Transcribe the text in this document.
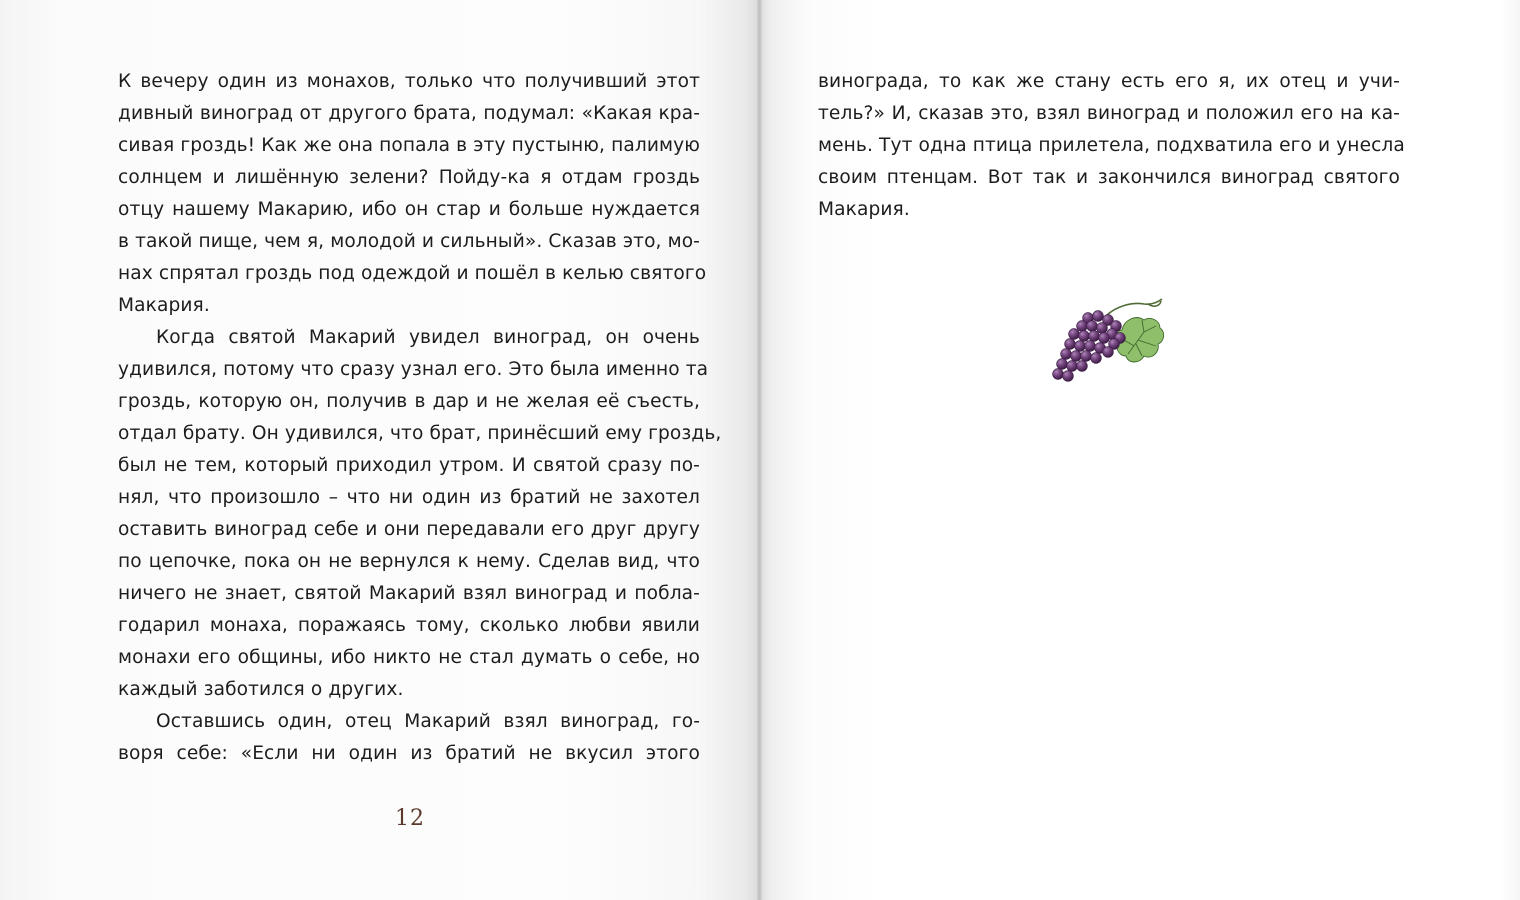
К вечеру один из монахов, только что получивший этот
дивный виноград от другого брата, подумал: «Какая кра-
сивая гроздь! Как же она попала в эту пустыню, палимую
солнцем и лишённую зелени? Пойду-ка я отдам гроздь
отцу нашему Макарию, ибо он стар и больше нуждается
в такой пище, чем я, молодой и сильный». Сказав это, мо-
нах спрятал гроздь под одеждой и пошёл в келью святого
Макария.
Когда святой Макарий увидел виноград, он очень
удивился, потому что сразу узнал его. Это была именно та
гроздь, которую он, получив в дар и не желая её съесть,
отдал брату. Он удивился, что брат, принёсший ему гроздь,
был не тем, который приходил утром. И святой сразу по-
нял, что произошло – что ни один из братий не захотел
оставить виноград себе и они передавали его друг другу
по цепочке, пока он не вернулся к нему. Сделав вид, что
ничего не знает, святой Макарий взял виноград и побла-
годарил монаха, поражаясь тому, сколько любви явили
монахи его общины, ибо никто не стал думать о себе, но
каждый заботился о других.
Оставшись один, отец Макарий взял виноград, го-
воря себе: «Если ни один из братий не вкусил этого
12
винограда, то как же стану есть его я, их отец и учи-
тель?» И, сказав это, взял виноград и положил его на ка-
мень. Тут одна птица прилетела, подхватила его и унесла
своим птенцам. Вот так и закончился виноград святого
Макария.
